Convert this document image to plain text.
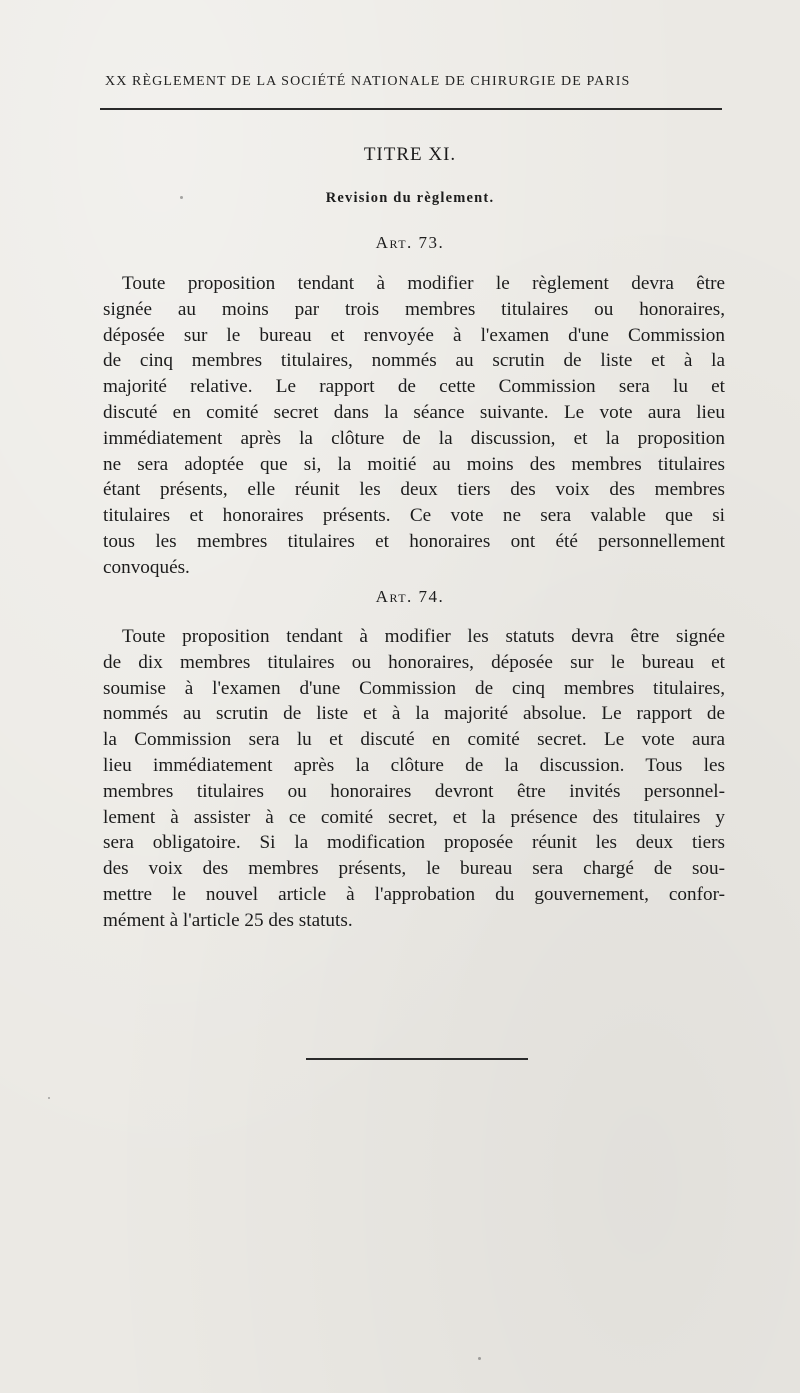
XX RÈGLEMENT DE LA SOCIÉTÉ NATIONALE DE CHIRURGIE DE PARIS
TITRE XI.
Revision du règlement.
Art. 73.
Toute proposition tendant à modifier le règlement devra être
signée au moins par trois membres titulaires ou honoraires,
déposée sur le bureau et renvoyée à l'examen d'une Commission
de cinq membres titulaires, nommés au scrutin de liste et à la
majorité relative. Le rapport de cette Commission sera lu et
discuté en comité secret dans la séance suivante. Le vote aura lieu
immédiatement après la clôture de la discussion, et la proposition
ne sera adoptée que si, la moitié au moins des membres titulaires
étant présents, elle réunit les deux tiers des voix des membres
titulaires et honoraires présents. Ce vote ne sera valable que si
tous les membres titulaires et honoraires ont été personnellement
convoqués.
Art. 74.
Toute proposition tendant à modifier les statuts devra être signée
de dix membres titulaires ou honoraires, déposée sur le bureau et
soumise à l'examen d'une Commission de cinq membres titulaires,
nommés au scrutin de liste et à la majorité absolue. Le rapport de
la Commission sera lu et discuté en comité secret. Le vote aura
lieu immédiatement après la clôture de la discussion. Tous les
membres titulaires ou honoraires devront être invités personnel-
lement à assister à ce comité secret, et la présence des titulaires y
sera obligatoire. Si la modification proposée réunit les deux tiers
des voix des membres présents, le bureau sera chargé de sou-
mettre le nouvel article à l'approbation du gouvernement, confor-
mément à l'article 25 des statuts.
